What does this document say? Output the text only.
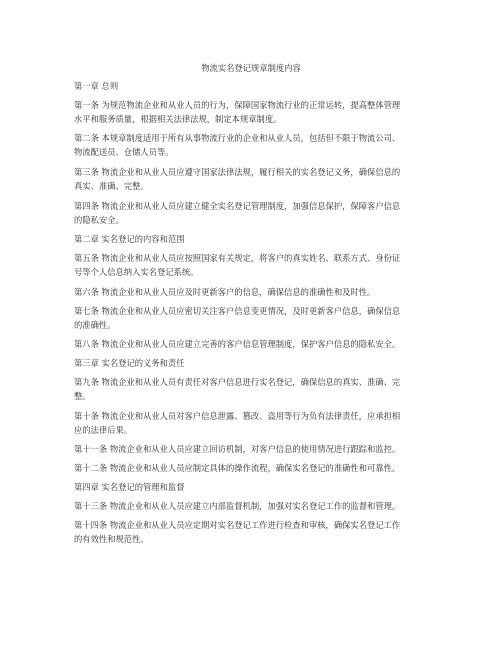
物流实名登记规章制度内容
第一章 总则
第一条 为规范物流企业和从业人员的行为，保障国家物流行业的正常运转，提高整体管理
水平和服务质量，根据相关法律法规，制定本规章制度。
第二条 本规章制度适用于所有从事物流行业的企业和从业人员，包括但不限于物流公司、
物流配送员、仓储人员等。
第三条 物流企业和从业人员应遵守国家法律法规，履行相关的实名登记义务，确保信息的
真实、准确、完整。
第四条 物流企业和从业人员应建立健全实名登记管理制度，加强信息保护，保障客户信息
的隐私安全。
第二章 实名登记的内容和范围
第五条 物流企业和从业人员应按照国家有关规定，将客户的真实姓名、联系方式、身份证
号等个人信息纳入实名登记系统。
第六条 物流企业和从业人员应及时更新客户的信息，确保信息的准确性和及时性。
第七条 物流企业和从业人员应密切关注客户信息变更情况，及时更新客户信息，确保信息
的准确性。
第八条 物流企业和从业人员应建立完善的客户信息管理制度，保护客户信息的隐私安全。
第三章 实名登记的义务和责任
第九条 物流企业和从业人员有责任对客户信息进行实名登记，确保信息的真实、准确、完
整。
第十条 物流企业和从业人员对客户信息泄露、篡改、盗用等行为负有法律责任，应承担相
应的法律后果。
第十一条 物流企业和从业人员应建立回访机制，对客户信息的使用情况进行跟踪和监控。
第十二条 物流企业和从业人员应制定具体的操作流程，确保实名登记的准确性和可靠性。
第四章 实名登记的管理和监督
第十三条 物流企业和从业人员应建立内部监督机制，加强对实名登记工作的监督和管理。
第十四条 物流企业和从业人员应定期对实名登记工作进行检查和审核，确保实名登记工作
的有效性和规范性。
